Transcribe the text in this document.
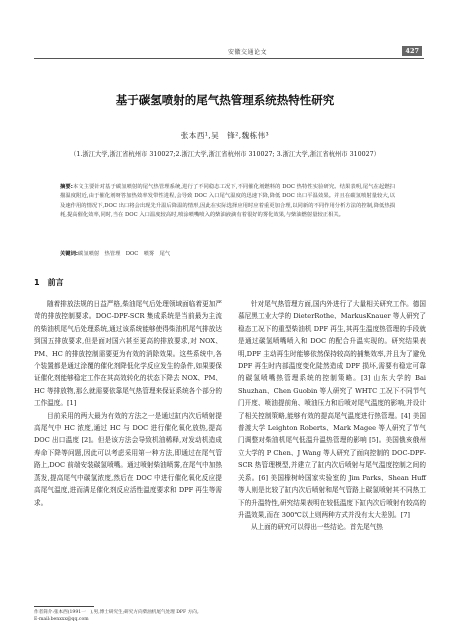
安徽交通论文	427
基于碳氢喷射的尾气热管理系统热特性研究
张本西¹,吴　锋²,魏栋伟³
（1.浙江大学,浙江省杭州市 310027;2.浙江大学,浙江省杭州市 310027; 3.浙江大学,浙江省杭州市 310027）
摘要:本文主要针对基于碳氢喷射的尾气热管理系统,进行了不同稳态工况下,不同催化剂燃料的 DOC 热特性实验研究。结果表明,尾气在起燃扫描温度附近,由于催化剂呀答加热效率发带性进程,会导致 DOC 入口尾气温度的迅速下降,降低 DOC 出口平温效果。并且在碳氢喷射量较大,以及速作用的情况下,DOC 出口将会出现先升温后降温的情形,因此在实际选择应用时应着重更加合理,以同新的不同作用分析方法的控制,降低热损耗,提高催化效率,同时,当在 DOC 入口温度较高时,喷涂喷嘴喷入的柴油液滴有着很好的雾化效果,与柴油燃射量较正相关。
关键词:碳氢喷射　热管理　DOC　喷雾　尾气
1　前言

随着排放法规的日益严格,柴油尾气后处理领域面临着更加严苛的排放控制要求。DOC-DPF-SCR 集成系统是当前最为主流的柴油机尾气后处理系统,通过该系统能够使得柴油机尾气排放达到国五排放要求,但是面对国六甚至更高的排放要求,对 NOX、PM、HC 的排放控制需要更为有效的消除效果。这些系统中,各个装置都是通过涂覆的催化剂降低化学反应发生的条件,如果要保证催化剂能够稳定工作在其高效转化的状态下降去 NOX、PM、HC 等排放物,那么就需要依靠尾气热管理来保证系统各个部分的工作温度。[1]

目前采用的两大最为有效的方法之一是通过缸内次后喷射提高尾气中 HC 浓度,通过 HC 与 DOC 进行催化氧化放热,提高 DOC 出口温度 [2]。但是该方法会导致机油稀释,对发动机造成寿命下降等问题,因此可以考虑采用第一种方法,即通过在尾气管路上,DOC 前端安装碳氢喷嘴。通过喷射柴油喷雾,在尾气中加热蒸发,提高尾气中碳氢浓度,然后在 DOC 中进行催化氧化反应提高尾气温度,进而满足催化剂反应活性温度要求和 DPF 再生等需求。

针对尾气热管理方面,国内外进行了大量相关研究工作。德国慕尼黑工业大学的 DieterRothe、MarkusKnauer 等人研究了稳态工况下的重型柴油机 DPF 再生,其再生温度热管理的手段就是通过碳氢喷嘴喷入和 DOC 的配合升温实现的。研究结果表明,DPF 主动再生时能够依然保持较高的捕集效率,并且为了避免 DPF 再生时内部温度变化陡然造成 DPF 损坏,需要有稳定可靠的碳氢喷嘴热管理系统的控制策略。[3] 山东大学的 Bai Shuzhan、Chen Guobin 等人研究了 WHTC 工况下不同节气门开度、喷油提前角、喷油压力和后喷对尾气温度的影响,并设计了相关控制策略,能够有效的提高尾气温度进行热管理。[4] 美国普渡大学 Leighton Roberts、Mark Magee 等人研究了节气门调整对柴油机尾气低温升温热管理的影响 [5]。美国俄亥俄州立大学的 P Chen、J Wang 等人研究了面向控制的 DOC-DPF-SCR 热管理模型,并建立了缸内次后喷射与尾气温度控制之间的关系。[6] 美国橡树岭国家实验室的 Jim Parks、Shean Huff 等人则是比较了缸内次后喷射和尾气管路上碳氢喷射其不同热工下的升温特性,研究结果表明在较低温度下缸内次后喷射有较高的升温效果,而在 300℃以上则两种方式并没有太大差别。[7]

从上面的研究可以得出一些结论。首先尾气热

作者简介:张本西(1991一　),男,博士研究生;研究方向柴油机尾气处理 DPF 方向。
E-mail:benxxx@qq.com
